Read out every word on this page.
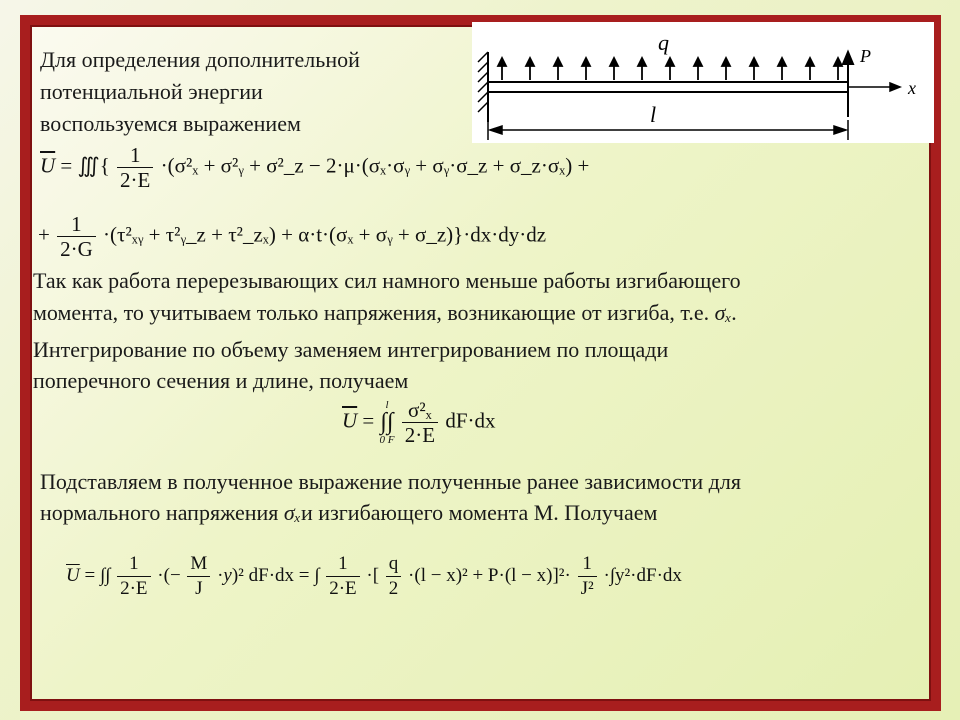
Для определения дополнительной
потенциальной энергии
воспользуемся выражением
q
P
x
l
$\overline{U}$ = ∭{ $\frac{1}{2\cdot E} \cdot(\sigma^2_x$ + σ²ᵧ + σ²_z − 2·μ·(σₓ·σᵧ + σᵧ·σ_z + σ_z·σₓ) +
+ $\frac{1}{2\cdot G}$ ·(τ²ₓᵧ + τ²ᵧ_z + τ²_zₓ) + α·t·(σₓ + σᵧ + σ_z)}·dx·dy·dz
Так как работа перерезывающих сил намного меньше работы изгибающего
момента, то учитываем только напряжения, возникающие от изгиба, т.е. σₓ.
Интегрирование по объему заменяем интегрированием по площади
поперечного сечения и длине, получаем
$\overline{U}$ =
l
∫∫
0 F
$\frac{\text{σ²ₓ}}{2\cdot E} dF\cdot dx$
Подставляем в полученное выражение полученные ранее зависимости для
нормального напряжения σₓи изгибающего момента М. Получаем
$\overline{U}$ = ∫∫ $\frac{1}{2\cdot E}$ ·(− $\frac{M}{J} \cdot y)^2$ dF·dx = ∫ $\frac{1}{2\cdot E}$ ·[ $\frac{q}{2} \cdot(l - x)^2 + P\cdot(l - x)]^2\cdot \frac{1}{\text{J²}} \cdot\int y^2\cdot dF\cdot dx$
